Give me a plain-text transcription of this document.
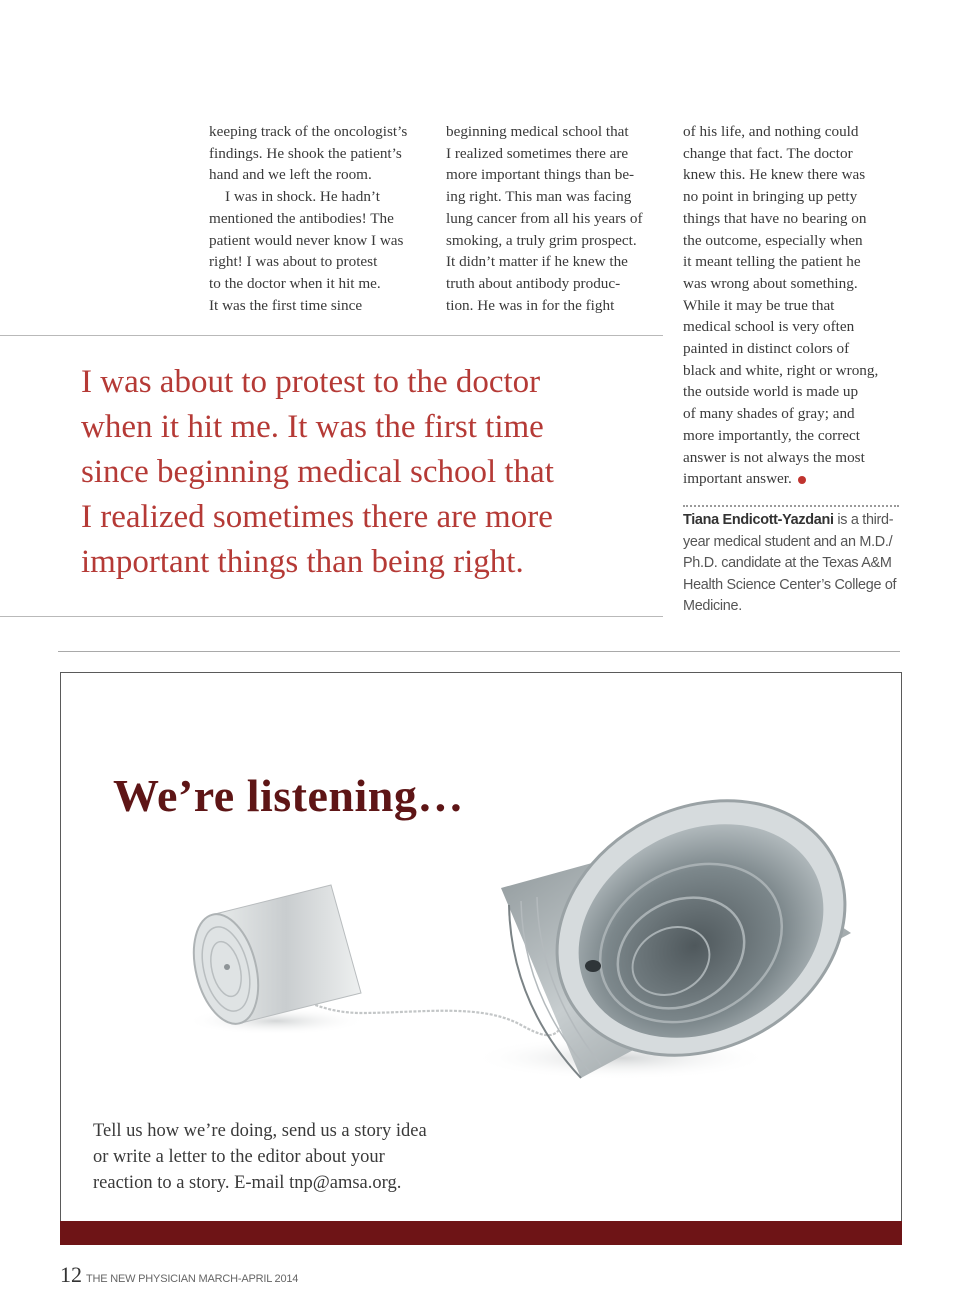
keeping track of the oncologist’s
findings. He shook the patient’s
hand and we left the room.

I was in shock. He hadn’t
mentioned the antibodies! The
patient would never know I was
right! I was about to protest
to the doctor when it hit me.
It was the first time since

beginning medical school that
I realized sometimes there are
more important things than be-
ing right. This man was facing
lung cancer from all his years of
smoking, a truly grim prospect.
It didn’t matter if he knew the
truth about antibody produc-
tion. He was in for the fight

of his life, and nothing could
change that fact. The doctor
knew this. He knew there was
no point in bringing up petty
things that have no bearing on
the outcome, especially when
it meant telling the patient he
was wrong about something.
While it may be true that
medical school is very often
painted in distinct colors of
black and white, right or wrong,
the outside world is made up
of many shades of gray; and
more importantly, the correct
answer is not always the most
important answer.

I was about to protest to the doctor
when it hit me. It was the first time
since beginning medical school that
I realized sometimes there are more
important things than being right.

Tiana Endicott-Yazdani is a third-year medical student and an M.D./ Ph.D. candidate at the Texas A&M Health Science Center’s College of Medicine.

We’re listening…

Tell us how we’re doing, send us a story idea
or write a letter to the editor about your
reaction to a story. E-mail tnp@amsa.org.

12 THE NEW PHYSICIAN MARCH-APRIL 2014
